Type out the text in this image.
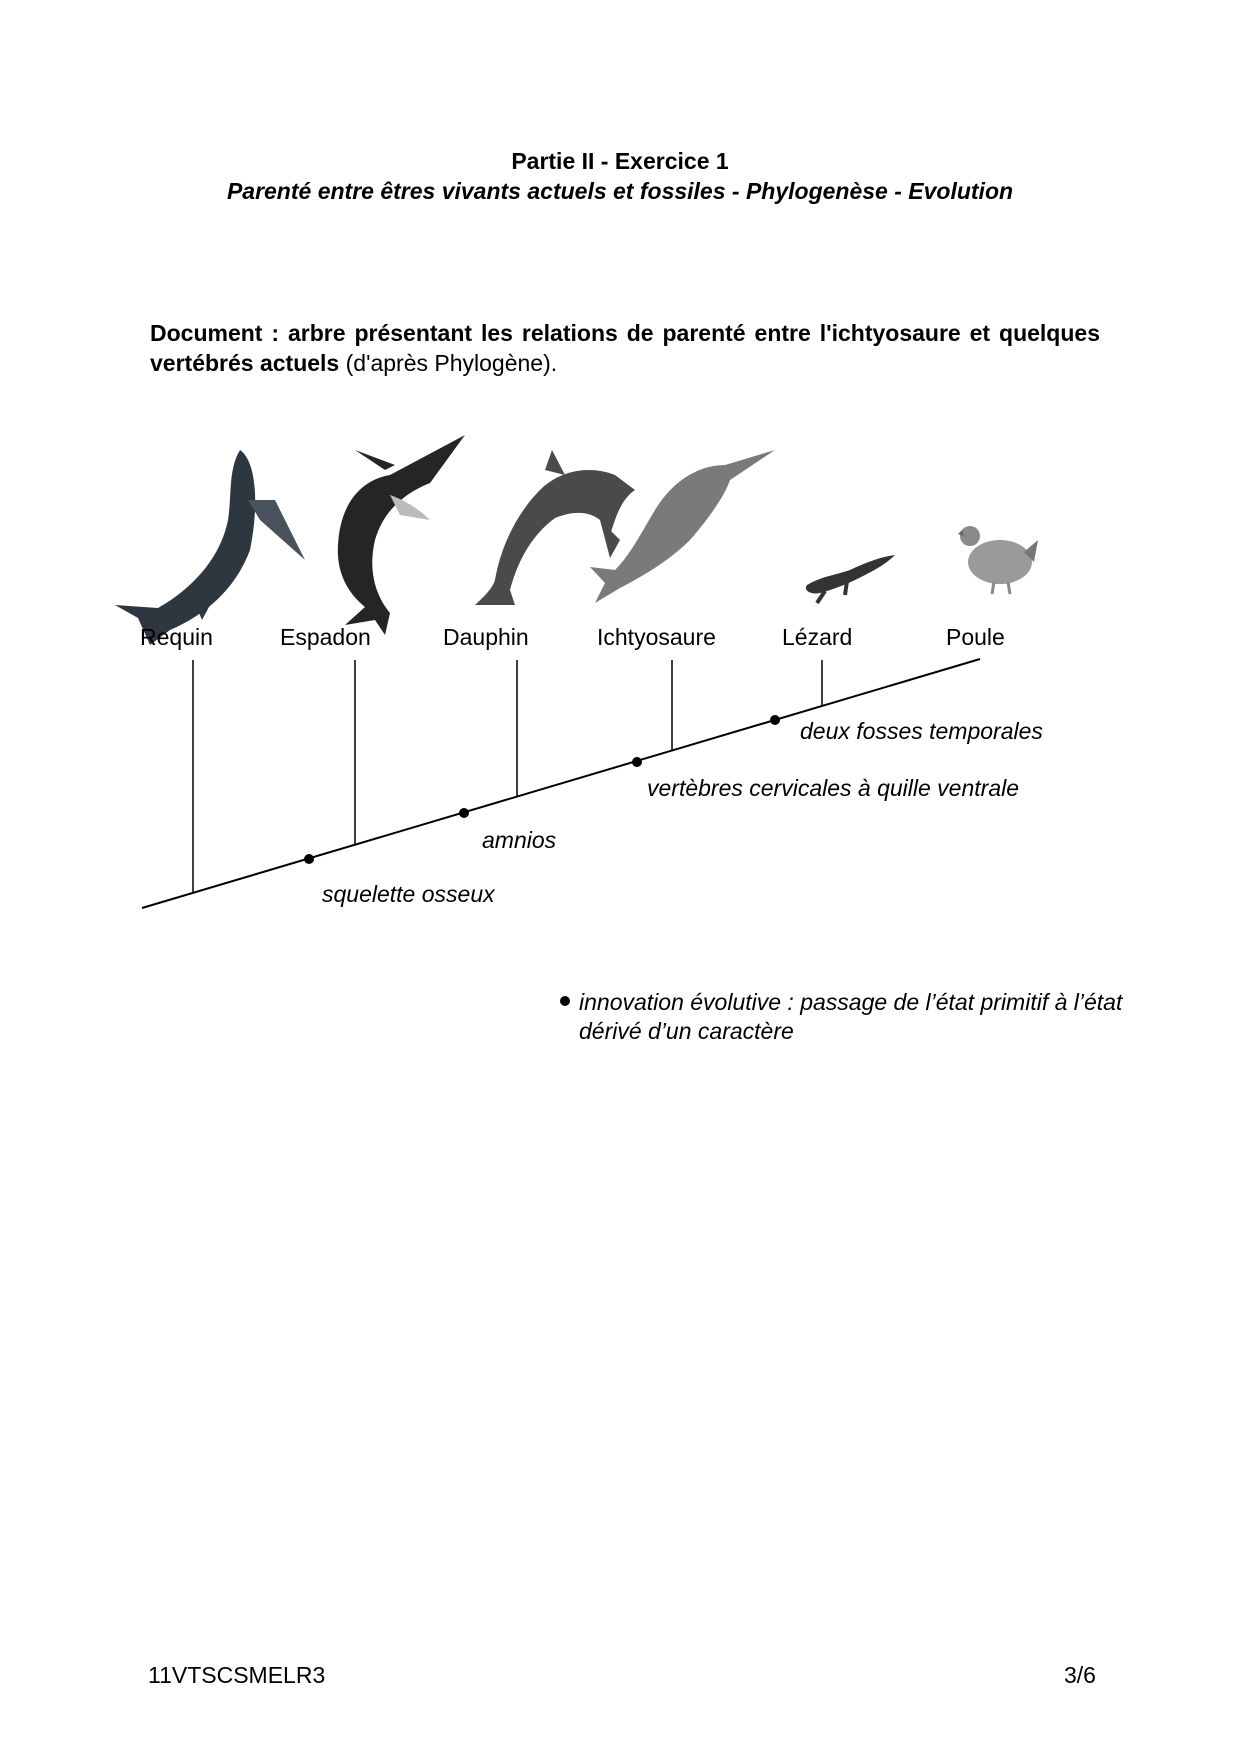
Partie II - Exercice 1
Parenté entre êtres vivants actuels et fossiles - Phylogenèse - Evolution
Document : arbre présentant les relations de parenté entre l'ichtyosaure et quelques vertébrés actuels (d'après Phylogène).
Requin	Espadon	Dauphin	Ichtyosaure	Lézard	Poule
squelette osseux
amnios
vertèbres cervicales à quille ventrale
deux fosses temporales
innovation évolutive : passage de l’état primitif à l’état dérivé d’un caractère
11VTSCSMELR3	3/6
